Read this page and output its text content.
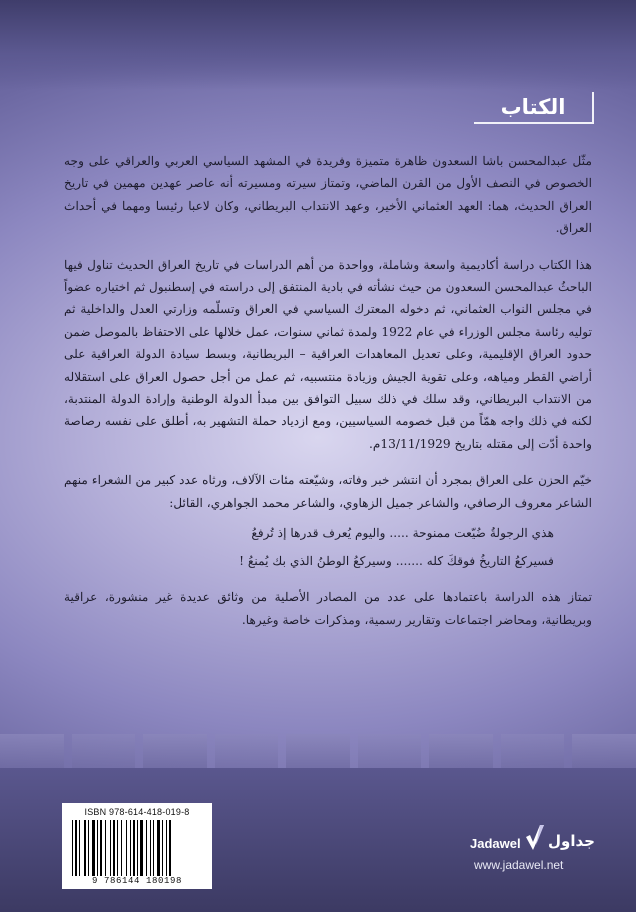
الكتاب

مثّل عبدالمحسن باشا السعدون ظاهرة متميزة وفريدة في المشهد السياسي العربي والعراقي على وجه الخصوص في النصف الأول من القرن الماضي، وتمتاز سيرته ومسيرته أنه عاصر عهدين مهمين في تاريخ العراق الحديث، هما: العهد العثماني الأخير، وعهد الانتداب البريطاني، وكان لاعبا رئيسا ومهما في أحداث العراق.

هذا الكتاب دراسة أكاديمية واسعة وشاملة، وواحدة من أهم الدراسات في تاريخ العراق الحديث تناول فيها الباحثُ عبدالمحسن السعدون من حيث نشأته في بادية المنتفق إلى دراسته في إسطنبول ثم اختياره عضواً في مجلس النواب العثماني، ثم دخوله المعترك السياسي في العراق وتسلّمه وزارتي العدل والداخلية ثم توليه رئاسة مجلس الوزراء في عام 1922 ولمدة ثماني سنوات، عمل خلالها على الاحتفاظ بالموصل ضمن حدود العراق الإقليمية، وعلى تعديل المعاهدات العراقية – البريطانية، وبسط سيادة الدولة العراقية على أراضي القطر ومياهه، وعلى تقوية الجيش وزيادة منتسبيه، ثم عمل من أجل حصول العراق على استقلاله من الانتداب البريطاني، وقد سلك في ذلك سبيل التوافق بين مبدأ الدولة الوطنية وإرادة الدولة المنتدبة، لكنه في ذلك واجه همّاً من قبل خصومه السياسيين، ومع ازدياد حملة التشهير به، أطلق على نفسه رصاصة واحدة أدّت إلى مقتله بتاريخ 13/11/1929م.

خيّم الحزن على العراق بمجرد أن انتشر خبر وفاته، وشيّعته مئات الآلاف، ورثاه عدد كبير من الشعراء منهم الشاعر معروف الرصافي، والشاعر جميل الزهاوي، والشاعر محمد الجواهري، القائل:

هذي الرجولةُ ضُيّعت ممنوحة ..... واليوم يُعرف قدرها إذ تُرفعُ
فسيركعُ التاريخُ فوقكَ كله ....... وسيركعُ الوطنُ الذي بك يُمنعُ !

تمتاز هذه الدراسة باعتمادها على عدد من المصادر الأصلية من وثائق عديدة غير منشورة، عراقية وبريطانية، ومحاضر اجتماعات وتقارير رسمية، ومذكرات خاصة وغيرها.

ISBN 978-614-418-019-8
9 786144 180198
Jadawel جداول
www.jadawel.net
